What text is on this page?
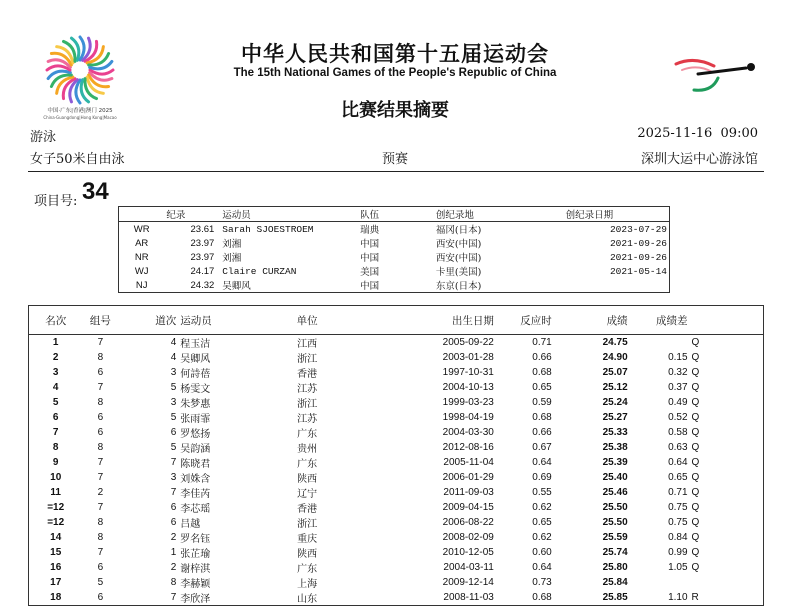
中国·广东|香港|澳门 2025
China·Guangdong|Hong Kong|Macao
中华人民共和国第十五届运动会
The 15th National Games of the People's Republic of China
比赛结果摘要
游泳	2025-11-16  09:00
女子50米自由泳	预赛	深圳大运中心游泳馆
项目号: 34
	纪录	运动员	队伍	创纪录地	创纪录日期
WR	23.61	Sarah SJOESTROEM	瑞典	福冈(日本)	2023-07-29
AR	23.97	刘湘	中国	西安(中国)	2021-09-26
NR	23.97	刘湘	中国	西安(中国)	2021-09-26
WJ	24.17	Claire CURZAN	美国	卡里(美国)	2021-05-14
NJ	24.32	吴卿风	中国	东京(日本)	
名次	组号	道次	运动员	单位	出生日期	反应时	成绩	成绩差	
1	7	4	程玉洁	江西	2005-09-22	0.71	24.75		Q
2	8	4	吴卿风	浙江	2003-01-28	0.66	24.90	0.15	Q
3	6	3	何詩蓓	香港	1997-10-31	0.68	25.07	0.32	Q
4	7	5	杨雯文	江苏	2004-10-13	0.65	25.12	0.37	Q
5	8	3	朱梦惠	浙江	1999-03-23	0.59	25.24	0.49	Q
6	6	5	张雨霏	江苏	1998-04-19	0.68	25.27	0.52	Q
7	6	6	罗悠扬	广东	2004-03-30	0.66	25.33	0.58	Q
8	8	5	吴韵涵	贵州	2012-08-16	0.67	25.38	0.63	Q
9	7	7	陈晓君	广东	2005-11-04	0.64	25.39	0.64	Q
10	7	3	刘姝含	陕西	2006-01-29	0.69	25.40	0.65	Q
11	2	7	李佳芮	辽宁	2011-09-03	0.55	25.46	0.71	Q
=12	7	6	李芯瑶	香港	2009-04-15	0.62	25.50	0.75	Q
=12	8	6	吕越	浙江	2006-08-22	0.65	25.50	0.75	Q
14	8	2	罗名钰	重庆	2008-02-09	0.62	25.59	0.84	Q
15	7	1	张芷瑜	陕西	2010-12-05	0.60	25.74	0.99	Q
16	6	2	谢梓淇	广东	2004-03-11	0.64	25.80	1.05	Q
17	5	8	李赫颖	上海	2009-12-14	0.73	25.84		
18	6	7	李欣泽	山东	2008-11-03	0.68	25.85	1.10	R
